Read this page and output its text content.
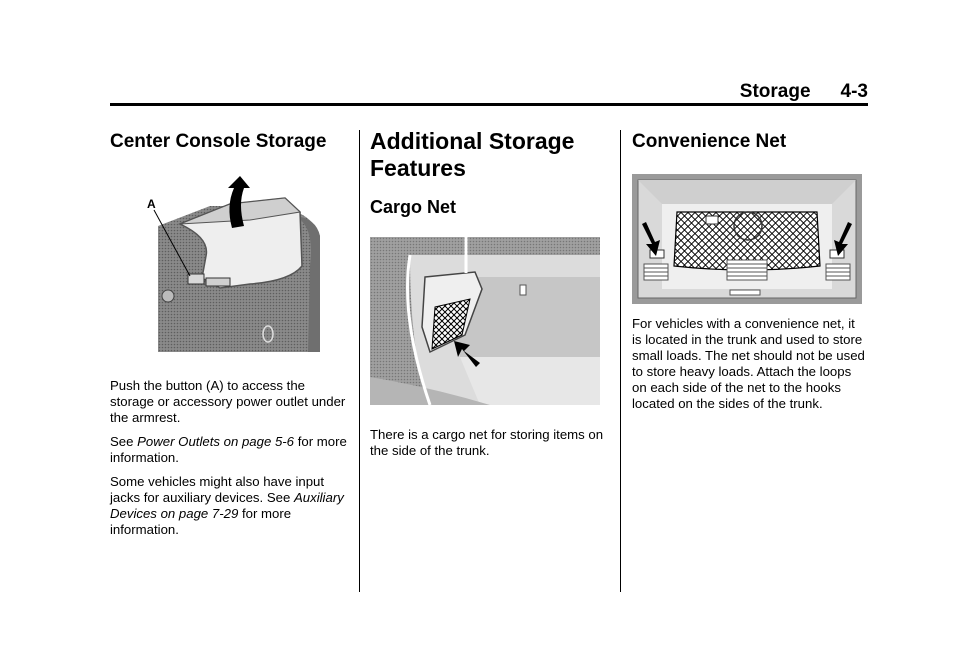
Storage 4-3
Center Console Storage
A

Push the button (A) to access the storage or accessory power outlet under the armrest.

See Power Outlets on page 5-6 for more information.

Some vehicles might also have input jacks for auxiliary devices. See Auxiliary Devices on page 7-29 for more information.

Additional Storage
Features
Cargo Net

There is a cargo net for storing items on the side of the trunk.

Convenience Net

For vehicles with a convenience net, it is located in the trunk and used to store small loads. The net should not be used to store heavy loads. Attach the loops on each side of the net to the hooks located on the sides of the trunk.
